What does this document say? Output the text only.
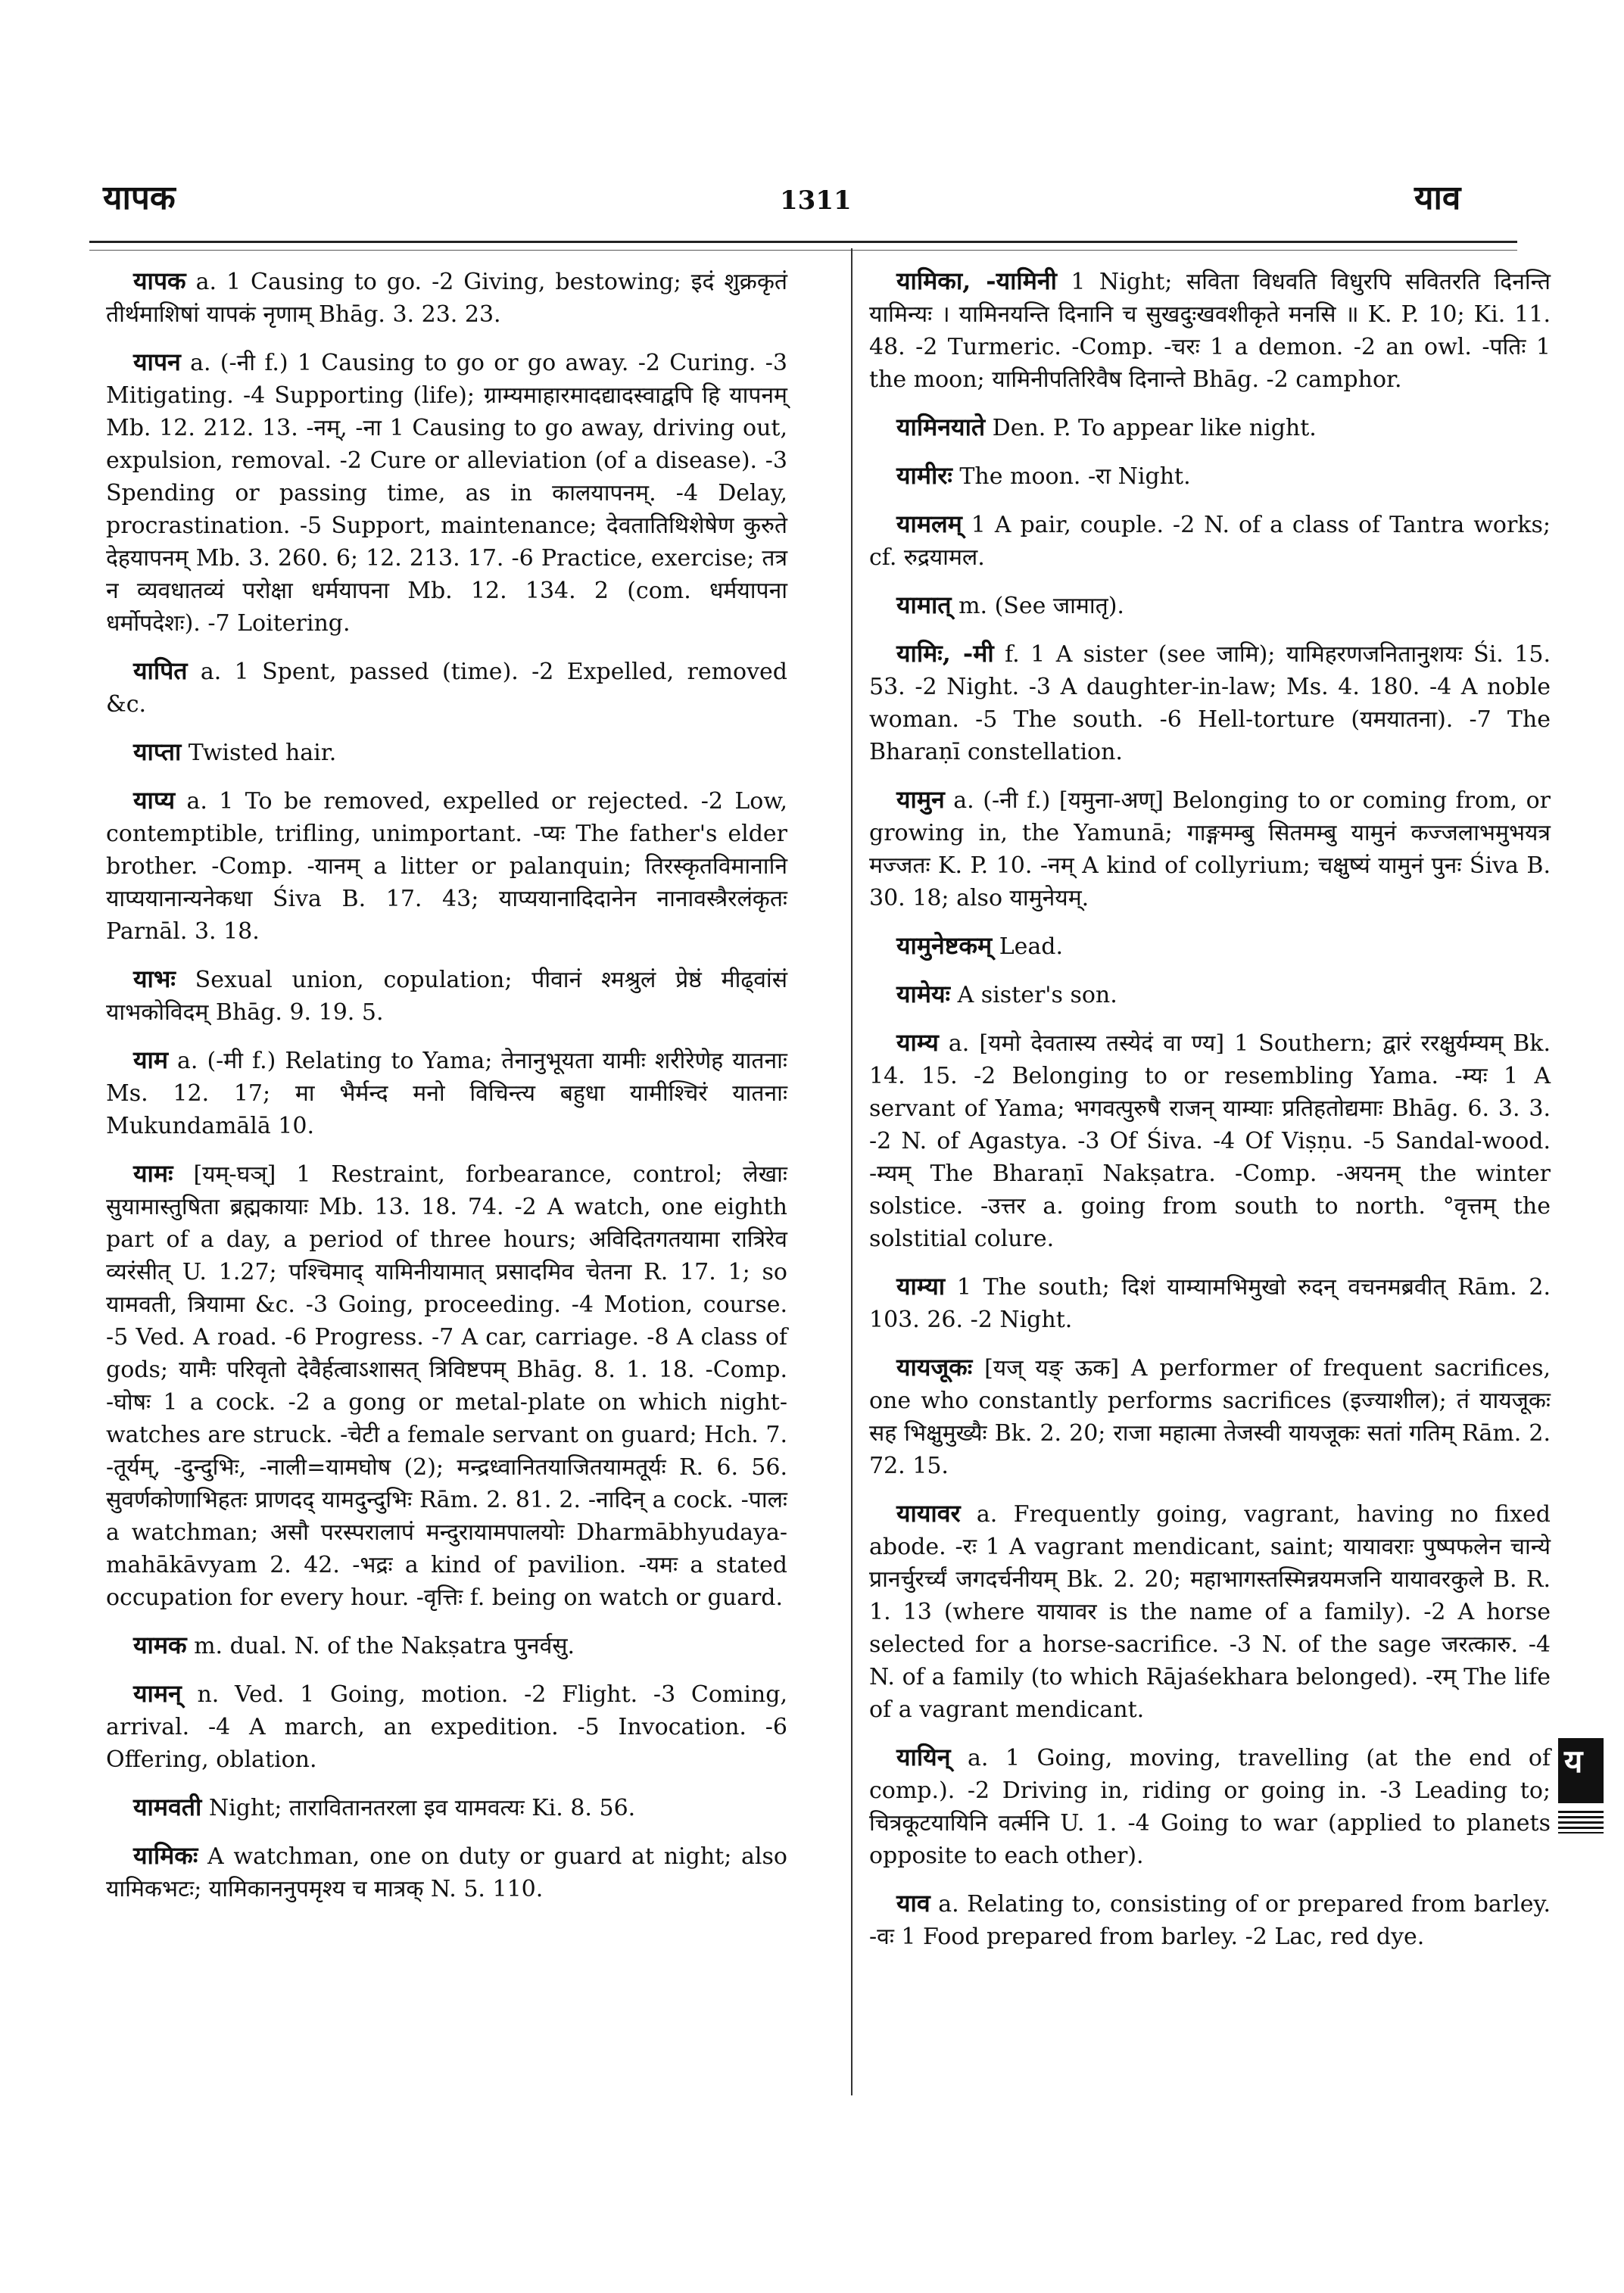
यापक	1311	याव

यापक a. 1 Causing to go. -2 Giving, bestowing; इदं शुक्रकृतं तीर्थमाशिषां यापकं नृणाम् Bhāg. 3. 23. 23.

यापन a. (-नी f.) 1 Causing to go or go away. -2 Curing. -3 Mitigating. -4 Supporting (life); ग्राम्यमाहारमादद्यादस्वाद्वपि हि यापनम् Mb. 12. 212. 13. -नम्, -ना 1 Causing to go away, driving out, expulsion, removal. -2 Cure or alleviation (of a disease). -3 Spending or passing time, as in कालयापनम्. -4 Delay, procrastination. -5 Support, maintenance; देवतातिथिशेषेण कुरुते देहयापनम् Mb. 3. 260. 6; 12. 213. 17. -6 Practice, exercise; तत्र न व्यवधातव्यं परोक्षा धर्मयापना Mb. 12. 134. 2 (com. धर्मयापना धर्मोपदेशः). -7 Loitering.

यापित a. 1 Spent, passed (time). -2 Expelled, removed &c.

याप्ता Twisted hair.

याप्य a. 1 To be removed, expelled or rejected. -2 Low, contemptible, trifling, unimportant. -प्यः The father's elder brother. -Comp. -यानम् a litter or palanquin; तिरस्कृतविमानानि याप्ययानान्यनेकधा Śiva B. 17. 43; याप्ययानादिदानेन नानावस्त्रैरलंकृतः Parnāl. 3. 18.

याभः Sexual union, copulation; पीवानं श्मश्रुलं प्रेष्ठं मीढ्वांसं याभकोविदम् Bhāg. 9. 19. 5.

याम a. (-मी f.) Relating to Yama; तेनानुभूयता यामीः शरीरेणेह यातनाः Ms. 12. 17; मा भैर्मन्द मनो विचिन्त्य बहुधा यामीश्चिरं यातनाः Mukundamālā 10.

यामः [यम्-घञ्] 1 Restraint, forbearance, control; लेखाः सुयामास्तुषिता ब्रह्मकायाः Mb. 13. 18. 74. -2 A watch, one eighth part of a day, a period of three hours; अविदितगतयामा रात्रिरेव व्यरंसीत् U. 1.27; पश्चिमाद् यामिनीयामात् प्रसादमिव चेतना R. 17. 1; so यामवती, त्रियामा &c. -3 Going, proceeding. -4 Motion, course. -5 Ved. A road. -6 Progress. -7 A car, carriage. -8 A class of gods; यामैः परिवृतो देवैर्हत्वाऽशासत् त्रिविष्टपम् Bhāg. 8. 1. 18. -Comp. -घोषः 1 a cock. -2 a gong or metal-plate on which night-watches are struck. -चेटी a female servant on guard; Hch. 7. -तूर्यम्, -दुन्दुभिः, -नाली=यामघोष (2); मन्द्रध्वानितयाजितयामतूर्यः R. 6. 56. सुवर्णकोणाभिहतः प्राणदद् यामदुन्दुभिः Rām. 2. 81. 2. -नादिन् a cock. -पालः a watchman; असौ परस्परालापं मन्दुरायामपालयोः Dharmābhyudaya-mahākāvyam 2. 42. -भद्रः a kind of pavilion. -यमः a stated occupation for every hour. -वृत्तिः f. being on watch or guard.

यामक m. dual. N. of the Nakṣatra पुनर्वसु.

यामन् n. Ved. 1 Going, motion. -2 Flight. -3 Coming, arrival. -4 A march, an expedition. -5 Invocation. -6 Offering, oblation.

यामवती Night; तारावितानतरला इव यामवत्यः Ki. 8. 56.

यामिकः A watchman, one on duty or guard at night; also यामिकभटः; यामिकाननुपमृश्य च मात्रक् N. 5. 110.

यामिका, -यामिनी 1 Night; सविता विधवति विधुरपि सवितरति दिनन्ति यामिन्यः । यामिनयन्ति दिनानि च सुखदुःखवशीकृते मनसि ॥ K. P. 10; Ki. 11. 48. -2 Turmeric. -Comp. -चरः 1 a demon. -2 an owl. -पतिः 1 the moon; यामिनीपतिरिवैष दिनान्ते Bhāg. -2 camphor.

यामिनयाते Den. P. To appear like night.

यामीरः The moon. -रा Night.

यामलम् 1 A pair, couple. -2 N. of a class of Tantra works; cf. रुद्रयामल.

यामात् m. (See जामातृ).

यामिः, -मी f. 1 A sister (see जामि); यामिहरणजनितानुशयः Śi. 15. 53. -2 Night. -3 A daughter-in-law; Ms. 4. 180. -4 A noble woman. -5 The south. -6 Hell-torture (यमयातना). -7 The Bharaṇī constellation.

यामुन a. (-नी f.) [यमुना-अण्] Belonging to or coming from, or growing in, the Yamunā; गाङ्गमम्बु सितमम्बु यामुनं कज्जलाभमुभयत्र मज्जतः K. P. 10. -नम् A kind of collyrium; चक्षुष्यं यामुनं पुनः Śiva B. 30. 18; also यामुनेयम्.

यामुनेष्टकम् Lead.

यामेयः A sister's son.

याम्य a. [यमो देवतास्य तस्येदं वा ण्य] 1 Southern; द्वारं ररक्षुर्यम्यम् Bk. 14. 15. -2 Belonging to or resembling Yama. -म्यः 1 A servant of Yama; भगवत्पुरुषै राजन् याम्याः प्रतिहतोद्यमाः Bhāg. 6. 3. 3. -2 N. of Agastya. -3 Of Śiva. -4 Of Viṣṇu. -5 Sandal-wood. -म्यम् The Bharaṇī Nakṣatra. -Comp. -अयनम् the winter solstice. -उत्तर a. going from south to north. °वृत्तम् the solstitial colure.

याम्या 1 The south; दिशं याम्यामभिमुखो रुदन् वचनमब्रवीत् Rām. 2. 103. 26. -2 Night.

यायजूकः [यज् यङ् ऊक] A performer of frequent sacrifices, one who constantly performs sacrifices (इज्याशील); तं यायजूकः सह भिक्षुमुख्यैः Bk. 2. 20; राजा महात्मा तेजस्वी यायजूकः सतां गतिम् Rām. 2. 72. 15.

यायावर a. Frequently going, vagrant, having no fixed abode. -रः 1 A vagrant mendicant, saint; यायावराः पुष्पफलेन चान्ये प्रानर्चुरर्च्यं जगदर्चनीयम् Bk. 2. 20; महाभागस्तस्मिन्नयमजनि यायावरकुले B. R. 1. 13 (where यायावर is the name of a family). -2 A horse selected for a horse-sacrifice. -3 N. of the sage जरत्कारु. -4 N. of a family (to which Rājaśekhara belonged). -रम् The life of a vagrant mendicant.

यायिन् a. 1 Going, moving, travelling (at the end of comp.). -2 Driving in, riding or going in. -3 Leading to; चित्रकूटयायिनि वर्त्मनि U. 1. -4 Going to war (applied to planets opposite to each other).

याव a. Relating to, consisting of or prepared from barley. -वः 1 Food prepared from barley. -2 Lac, red dye.

य
